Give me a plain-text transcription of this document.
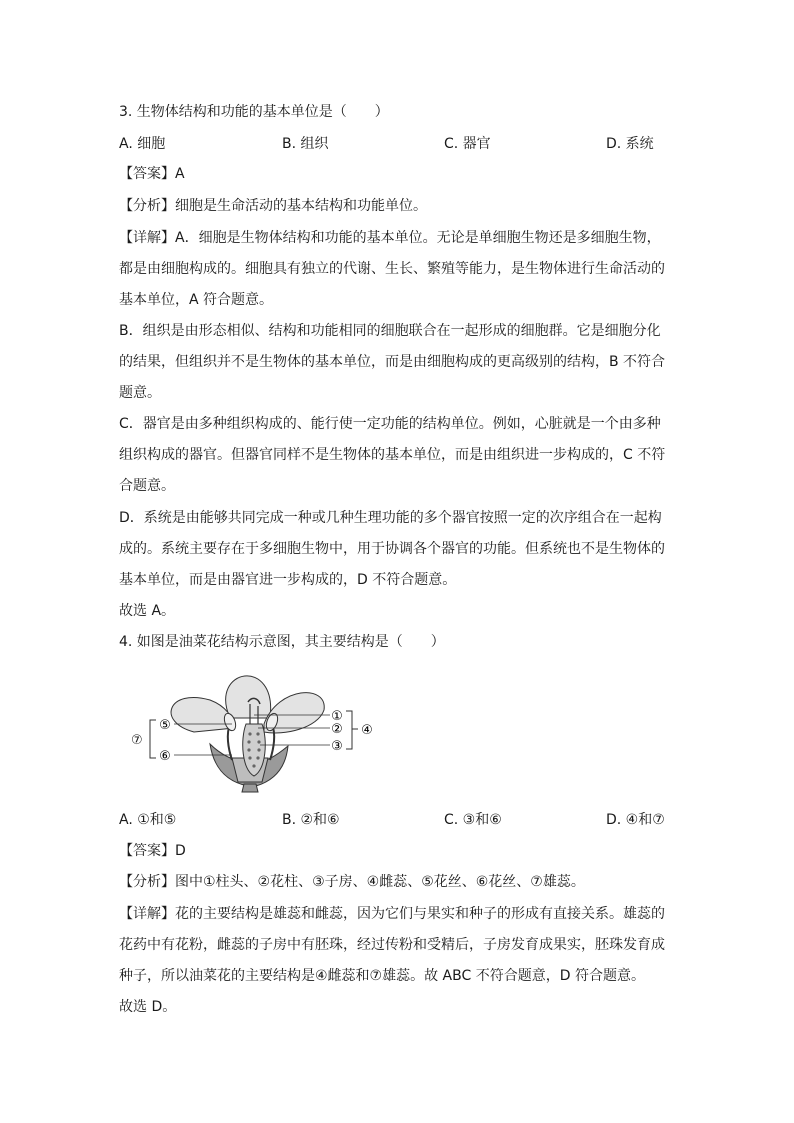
3. 生物体结构和功能的基本单位是（　　）
A. 细胞	B. 组织	C. 器官	D. 系统
【答案】A
【分析】细胞是生命活动的基本结构和功能单位。
【详解】A．细胞是生物体结构和功能的基本单位。无论是单细胞生物还是多细胞生物，
都是由细胞构成的。细胞具有独立的代谢、生长、繁殖等能力，是生物体进行生命活动的
基本单位，A 符合题意。
B．组织是由形态相似、结构和功能相同的细胞联合在一起形成的细胞群。它是细胞分化
的结果，但组织并不是生物体的基本单位，而是由细胞构成的更高级别的结构，B 不符合
题意。
C．器官是由多种组织构成的、能行使一定功能的结构单位。例如，心脏就是一个由多种
组织构成的器官。但器官同样不是生物体的基本单位，而是由组织进一步构成的，C 不符
合题意。
D．系统是由能够共同完成一种或几种生理功能的多个器官按照一定的次序组合在一起构
成的。系统主要存在于多细胞生物中，用于协调各个器官的功能。但系统也不是生物体的
基本单位，而是由器官进一步构成的，D 不符合题意。
故选 A。
4. 如图是油菜花结构示意图，其主要结构是（　　）
①
②
③
④
⑤
⑥
⑦
A. ①和⑤	B. ②和⑥	C. ③和⑥	D. ④和⑦
【答案】D
【分析】图中①柱头、②花柱、③子房、④雌蕊、⑤花丝、⑥花丝、⑦雄蕊。
【详解】花的主要结构是雄蕊和雌蕊，因为它们与果实和种子的形成有直接关系。雄蕊的
花药中有花粉，雌蕊的子房中有胚珠，经过传粉和受精后，子房发育成果实，胚珠发育成
种子，所以油菜花的主要结构是④雌蕊和⑦雄蕊。故 ABC 不符合题意，D 符合题意。
故选 D。
